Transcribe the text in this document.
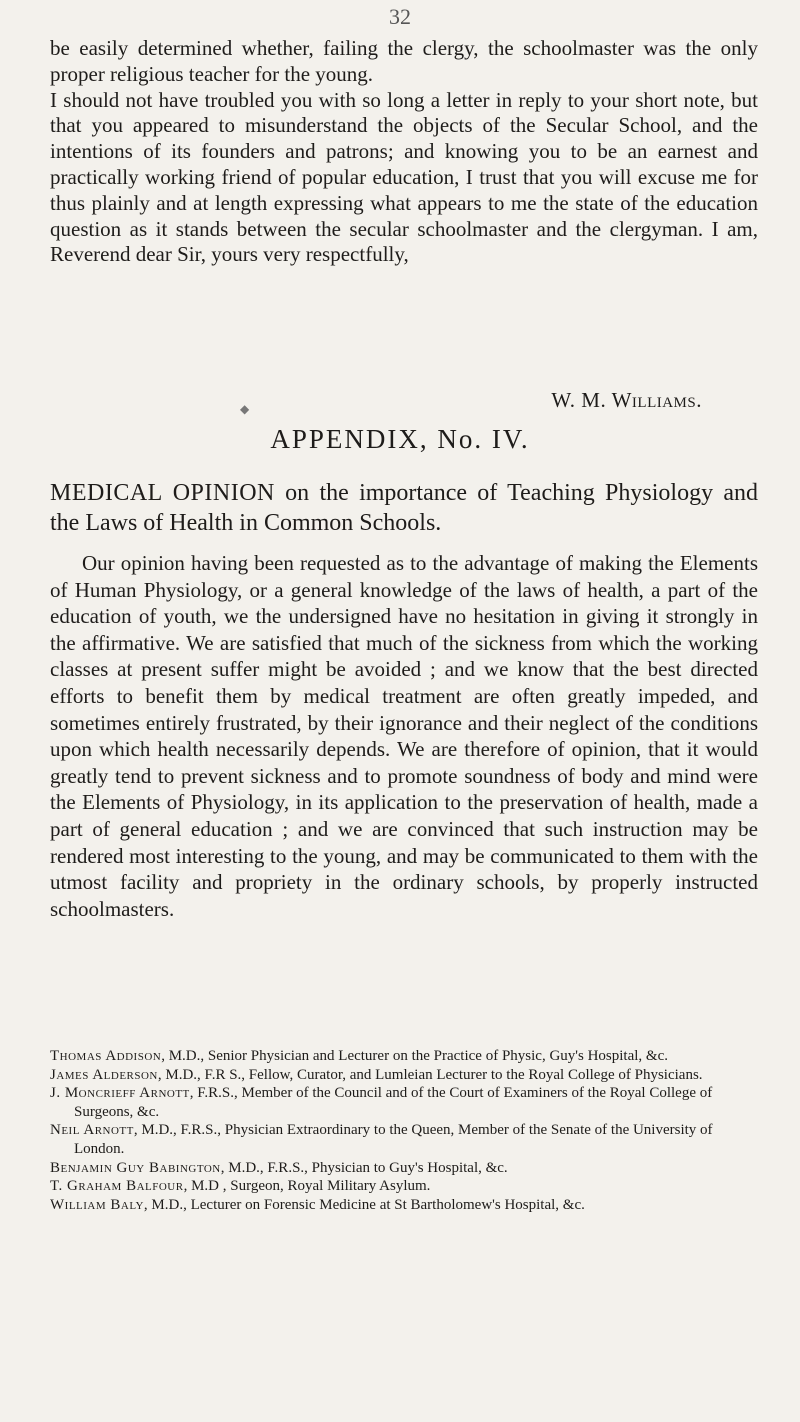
32

be easily determined whether, failing the clergy, the schoolmaster was the only proper religious teacher for the young.

I should not have troubled you with so long a letter in reply to your short note, but that you appeared to misunderstand the objects of the Secular School, and the intentions of its founders and patrons; and knowing you to be an earnest and practically working friend of popular education, I trust that you will excuse me for thus plainly and at length expressing what appears to me the state of the education question as it stands between the secular schoolmaster and the clergyman. I am, Reverend dear Sir, yours very respectfully,

W. M. Williams.
◆
APPENDIX, No. IV.

MEDICAL OPINION on the importance of Teaching Physiology and the Laws of Health in Common Schools.

Our opinion having been requested as to the advantage of making the Elements of Human Physiology, or a general knowledge of the laws of health, a part of the education of youth, we the undersigned have no hesitation in giving it strongly in the affirmative. We are satisfied that much of the sickness from which the working classes at present suffer might be avoided ; and we know that the best directed efforts to benefit them by medical treatment are often greatly impeded, and sometimes entirely frustrated, by their ignorance and their neglect of the conditions upon which health necessarily depends. We are therefore of opinion, that it would greatly tend to prevent sickness and to promote soundness of body and mind were the Elements of Physiology, in its application to the preservation of health, made a part of general education ; and we are convinced that such instruction may be rendered most interesting to the young, and may be communicated to them with the utmost facility and propriety in the ordinary schools, by properly instructed schoolmasters.

Thomas Addison, M.D., Senior Physician and Lecturer on the Practice of Physic, Guy's Hospital, &c.

James Alderson, M.D., F.R S., Fellow, Curator, and Lumleian Lecturer to the Royal College of Physicians.

J. Moncrieff Arnott, F.R.S., Member of the Council and of the Court of Examiners of the Royal College of Surgeons, &c.

Neil Arnott, M.D., F.R.S., Physician Extraordinary to the Queen, Member of the Senate of the University of London.

Benjamin Guy Babington, M.D., F.R.S., Physician to Guy's Hospital, &c.

T. Graham Balfour, M.D , Surgeon, Royal Military Asylum.

William Baly, M.D., Lecturer on Forensic Medicine at St Bartholomew's Hospital, &c.
